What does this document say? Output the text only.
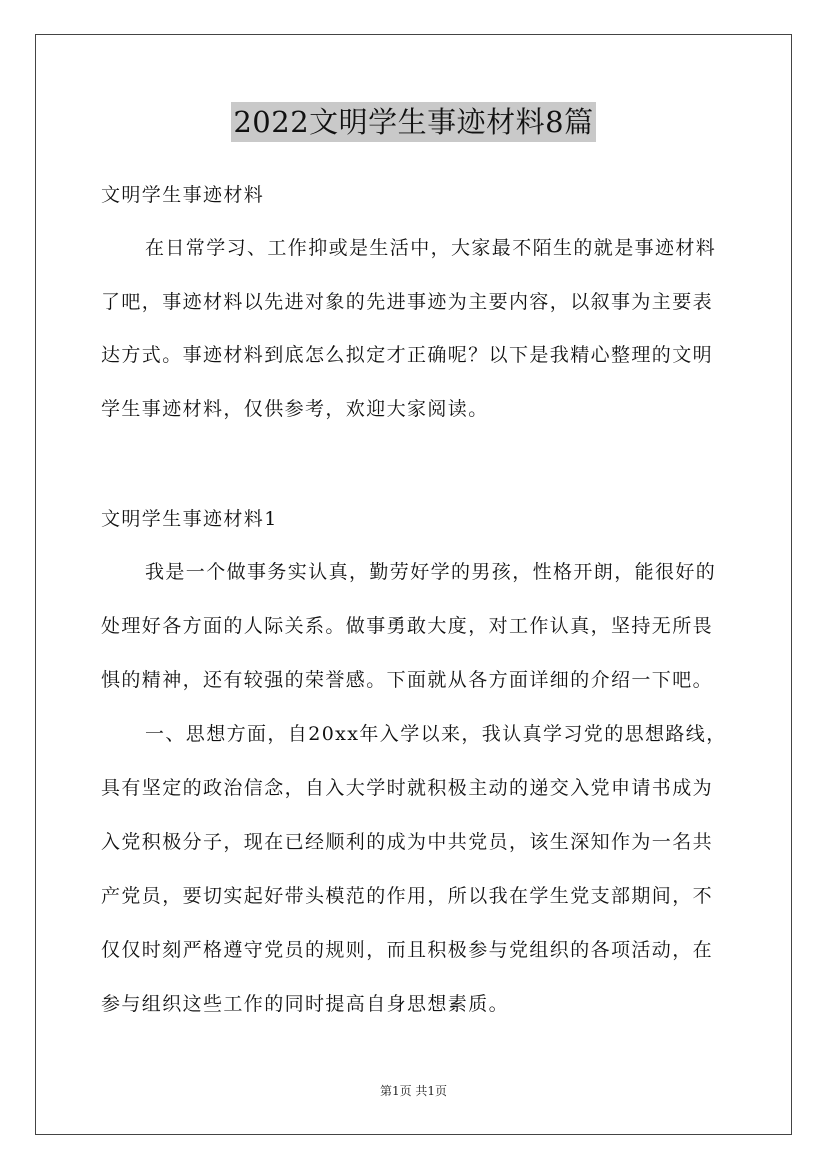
2022文明学生事迹材料8篇
文明学生事迹材料
在日常学习、工作抑或是生活中，大家最不陌生的就是事迹材料
了吧，事迹材料以先进对象的先进事迹为主要内容，以叙事为主要表
达方式。事迹材料到底怎么拟定才正确呢？以下是我精心整理的文明
学生事迹材料，仅供参考，欢迎大家阅读。
文明学生事迹材料1
我是一个做事务实认真，勤劳好学的男孩，性格开朗，能很好的
处理好各方面的人际关系。做事勇敢大度，对工作认真，坚持无所畏
惧的精神，还有较强的荣誉感。下面就从各方面详细的介绍一下吧。
一、思想方面，自20xx年入学以来，我认真学习党的思想路线，
具有坚定的政治信念，自入大学时就积极主动的递交入党申请书成为
入党积极分子，现在已经顺利的成为中共党员，该生深知作为一名共
产党员，要切实起好带头模范的作用，所以我在学生党支部期间，不
仅仅时刻严格遵守党员的规则，而且积极参与党组织的各项活动，在
参与组织这些工作的同时提高自身思想素质。
第1页 共1页
